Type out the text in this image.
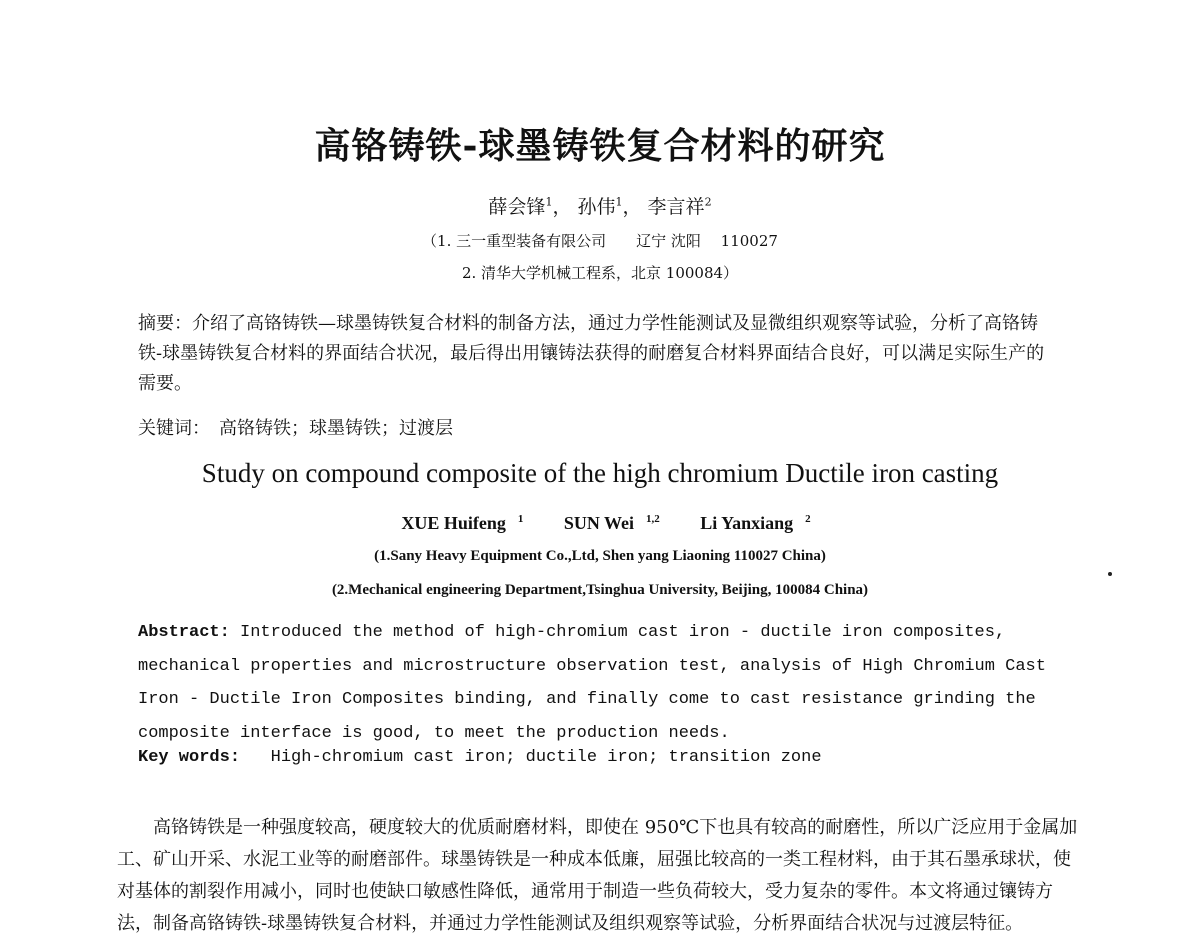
高铬铸铁-球墨铸铁复合材料的研究
薛会锋$^1$， 孙伟$^1$， 李言祥$^2$
（1. 三一重型装备有限公司　　辽宁 沈阳　 110027
2. 清华大学机械工程系，北京 100084）
摘要：介绍了高铬铸铁—球墨铸铁复合材料的制备方法，通过力学性能测试及显微组织观察等试验，分析了高铬铸铁-球墨铸铁复合材料的界面结合状况，最后得出用镶铸法获得的耐磨复合材料界面结合良好，可以满足实际生产的需要。
关键词：　高铬铸铁；球墨铸铁；过渡层
Study on compound composite of the high chromium Ductile iron casting
XUE Huifeng $^1$ SUN Wei $^{1,2}$ Li Yanxiang $^2$
(1.Sany Heavy Equipment Co.,Ltd, Shen yang Liaoning 110027 China)
(2.Mechanical engineering Department,Tsinghua University, Beijing, 100084 China)
Abstract: Introduced the method of high-chromium cast iron - ductile iron composites, mechanical properties and microstructure observation test, analysis of High Chromium Cast Iron - Ductile Iron Composites binding, and finally come to cast resistance grinding the composite interface is good, to meet the production needs.
Key words:   High-chromium cast iron; ductile iron; transition zone

高铬铸铁是一种强度较高，硬度较大的优质耐磨材料，即使在 950℃下也具有较高的耐磨性，所以广泛应用于金属加工、矿山开采、水泥工业等的耐磨部件。球墨铸铁是一种成本低廉，屈强比较高的一类工程材料，由于其石墨承球状，使对基体的割裂作用减小，同时也使缺口敏感性降低，通常用于制造一些负荷较大，受力复杂的零件。本文将通过镶铸方法，制备高铬铸铁-球墨铸铁复合材料，并通过力学性能测试及组织观察等试验，分析界面结合状况与过渡层特征。
